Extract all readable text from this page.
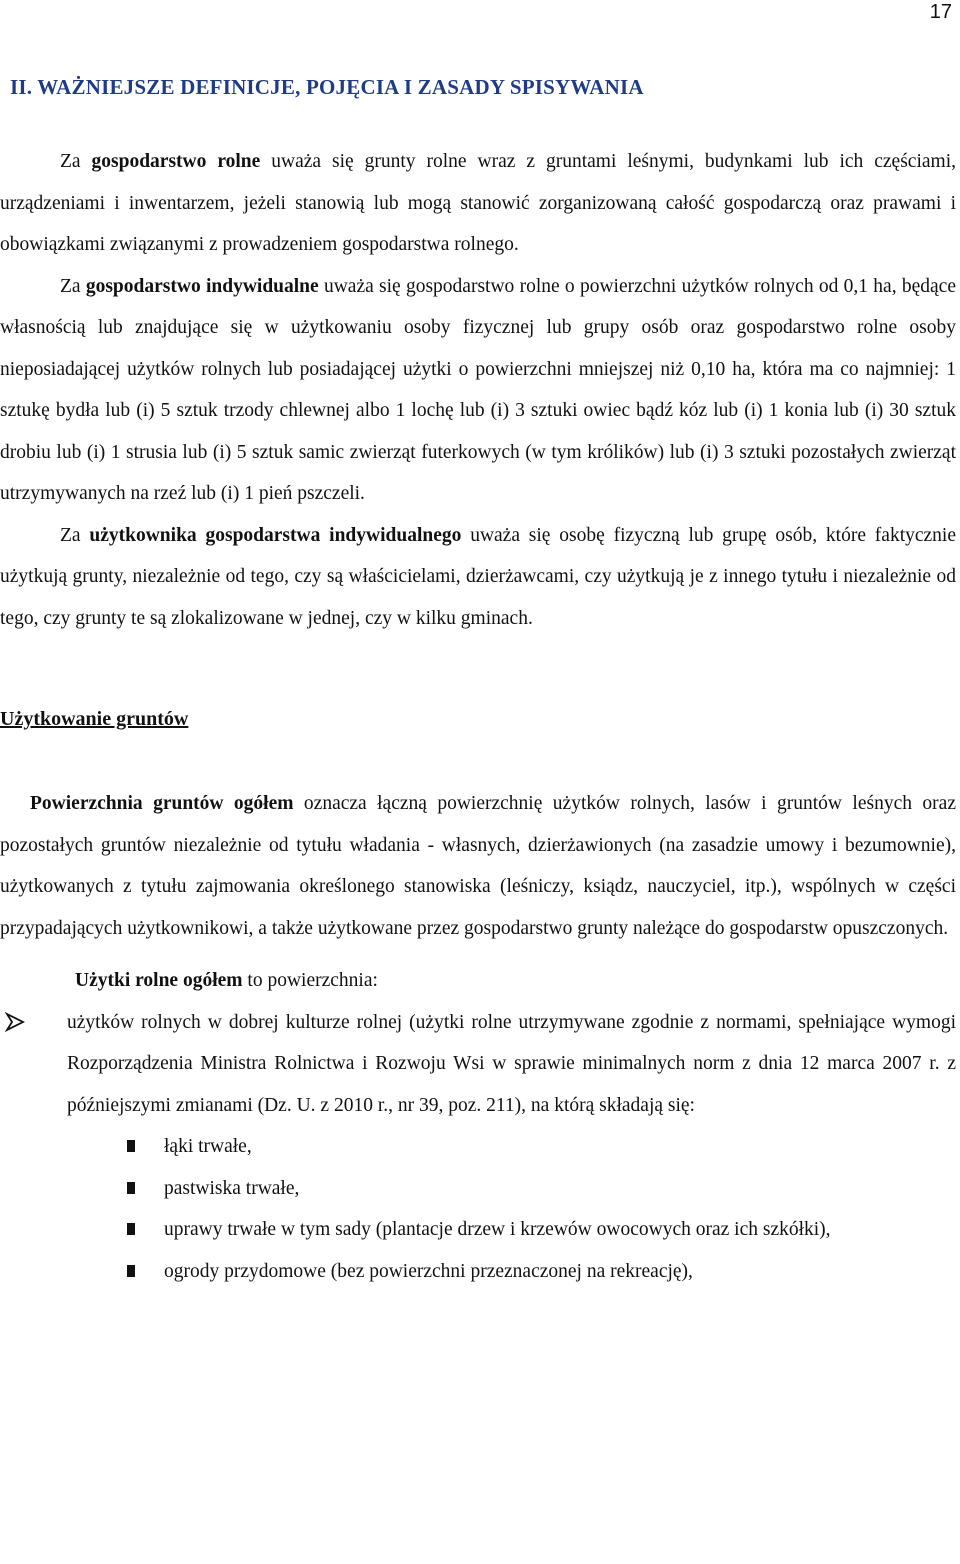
17

II. WAŻNIEJSZE DEFINICJE, POJĘCIA I ZASADY SPISYWANIA

Za gospodarstwo rolne uważa się grunty rolne wraz z gruntami leśnymi, budynkami lub ich częściami, urządzeniami i inwentarzem, jeżeli stanowią lub mogą stanowić zorganizowaną całość gospodarczą oraz prawami i obowiązkami związanymi z prowadzeniem gospodarstwa rolnego.

Za gospodarstwo indywidualne uważa się gospodarstwo rolne o powierzchni użytków rolnych od 0,1 ha, będące własnością lub znajdujące się w użytkowaniu osoby fizycznej lub grupy osób oraz gospodarstwo rolne osoby nieposiadającej użytków rolnych lub posiadającej użytki o powierzchni mniejszej niż 0,10 ha, która ma co najmniej: 1 sztukę bydła lub (i) 5 sztuk trzody chlewnej albo 1 lochę lub (i) 3 sztuki owiec bądź kóz lub (i) 1 konia lub (i) 30 sztuk drobiu lub (i) 1 strusia lub (i) 5 sztuk samic zwierząt futerkowych (w tym królików) lub (i) 3 sztuki pozostałych zwierząt utrzymywanych na rzeź lub (i) 1 pień pszczeli.

Za użytkownika gospodarstwa indywidualnego uważa się osobę fizyczną lub grupę osób, które faktycznie użytkują grunty, niezależnie od tego, czy są właścicielami, dzierżawcami, czy użytkują je z innego tytułu i niezależnie od tego, czy grunty te są zlokalizowane w jednej, czy w kilku gminach.

Użytkowanie gruntów

Powierzchnia gruntów ogółem oznacza łączną powierzchnię użytków rolnych, lasów i gruntów leśnych oraz pozostałych gruntów niezależnie od tytułu władania - własnych, dzierżawionych (na zasadzie umowy i bezumownie), użytkowanych z tytułu zajmowania określonego stanowiska (leśniczy, ksiądz, nauczyciel, itp.), wspólnych w części przypadających użytkownikowi, a także użytkowane przez gospodarstwo grunty należące do gospodarstw opuszczonych.

Użytki rolne ogółem to powierzchnia:

użytków rolnych w dobrej kulturze rolnej (użytki rolne utrzymywane zgodnie z normami, spełniające wymogi Rozporządzenia Ministra Rolnictwa i Rozwoju Wsi w sprawie minimalnych norm z dnia 12 marca 2007 r. z późniejszymi zmianami (Dz. U. z 2010 r., nr 39, poz. 211), na którą składają się:

łąki trwałe,
pastwiska trwałe,
uprawy trwałe w tym sady (plantacje drzew i krzewów owocowych oraz ich szkółki),
ogrody przydomowe (bez powierzchni przeznaczonej na rekreację),
